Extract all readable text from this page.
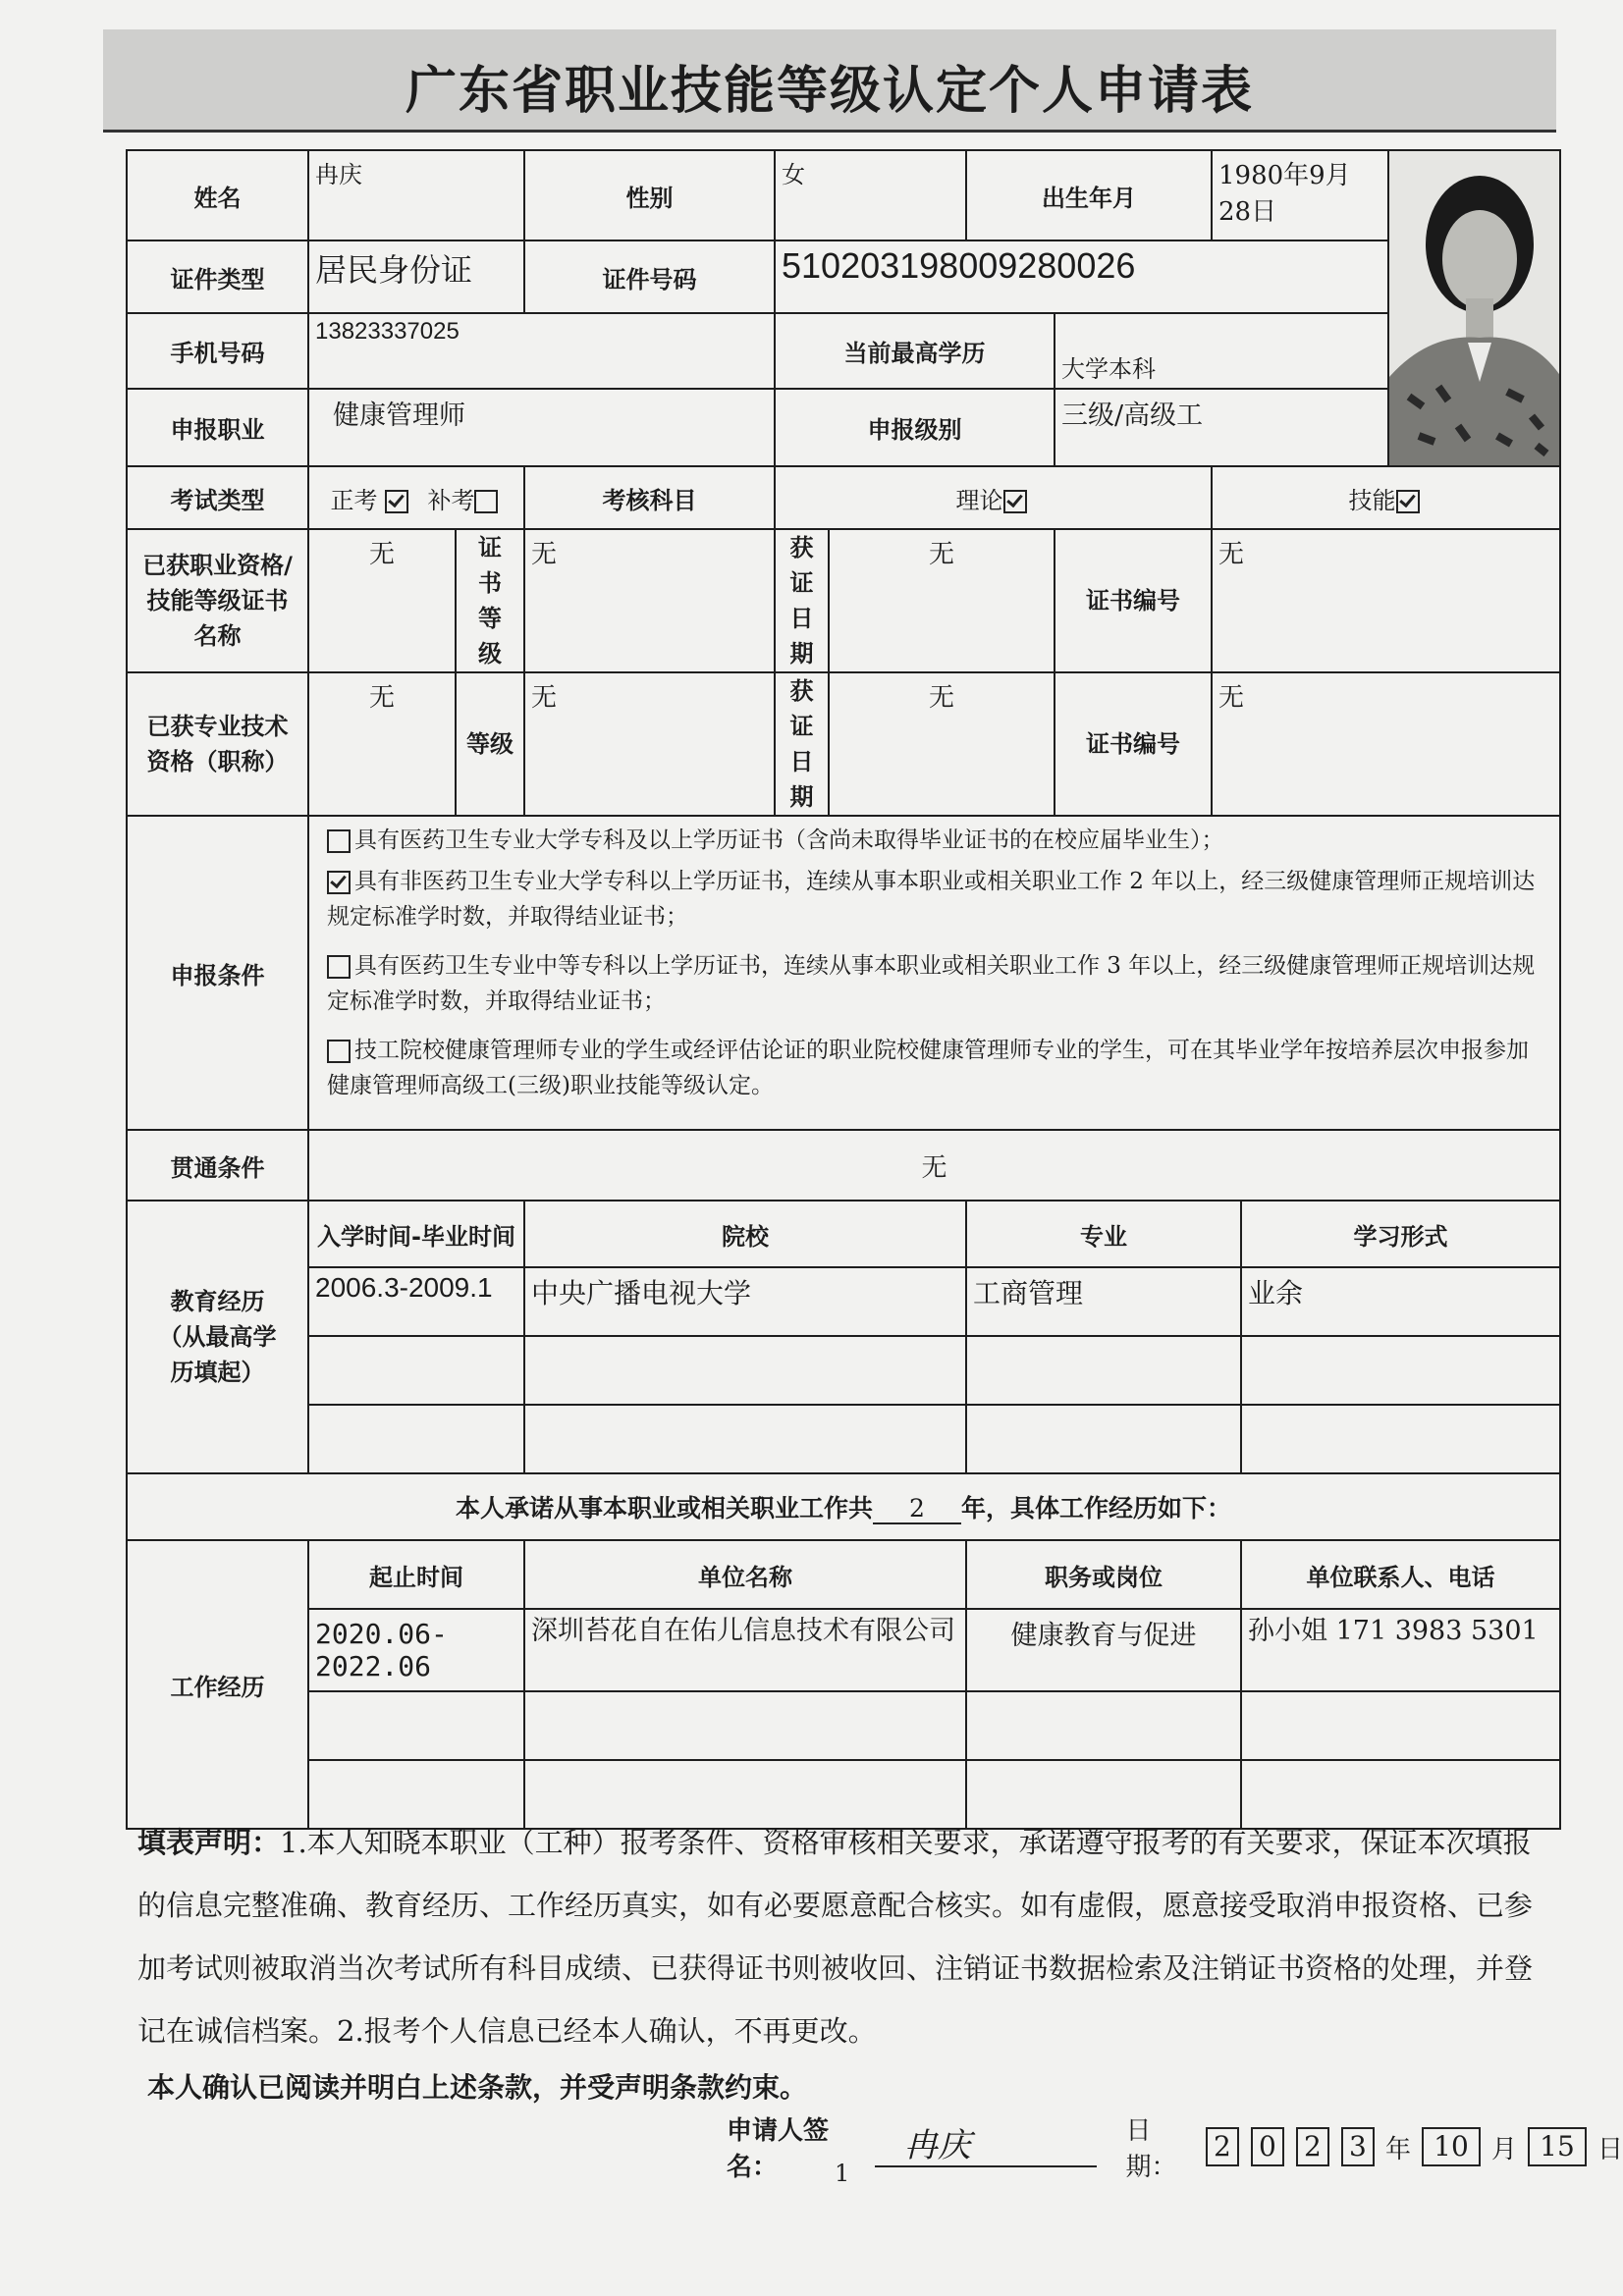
广东省职业技能等级认定个人申请表
姓名	冉庆		性别	女		出生年月		1980年9月28日	

证件类型	居民身份证		证件号码	510203198009280026						
手机号码	13823337025			当前最高学历			大学本科			
申报职业	健康管理师			申报级别			三级/高级工			
考试类型	正考 补考		考核科目	理论				技能		
已获职业资格/技能等级证书名称	无	证书等级	无	获证日期	无		证书编号	无		
已获专业技术资格（职称）	无	等级	无	获证日期	无		证书编号	无		
申报条件	具有医药卫生专业大学专科及以上学历证书（含尚未取得毕业证书的在校应届毕业生）；

具有非医药卫生专业大学专科以上学历证书，连续从事本职业或相关职业工作 2 年以上，经三级健康管理师正规培训达规定标准学时数，并取得结业证书；

具有医药卫生专业中等专科以上学历证书，连续从事本职业或相关职业工作 3 年以上，经三级健康管理师正规培训达规定标准学时数，并取得结业证书；

技工院校健康管理师专业的学生或经评估论证的职业院校健康管理师专业的学生，可在其毕业学年按培养层次申报参加健康管理师高级工(三级)职业技能等级认定。									

贯通条件	无									
教育经历（从最高学历填起）	入学时间-毕业时间		院校			专业			学习形式	
	2006.3-2009.1		中央广播电视大学			工商管理			业余	

本人承诺从事本职业或相关职业工作共 2 年，具体工作经历如下：										
工作经历	起止时间		单位名称			职务或岗位			单位联系人、电话	
	2020.06-2022.06		深圳苔花自在佑儿信息技术有限公司			健康教育与促进			孙小姐 171 3983 5301	

填表声明：1.本人知晓本职业（工种）报考条件、资格审核相关要求，承诺遵守报考的有关要求，保证本次填报的信息完整准确、教育经历、工作经历真实，如有必要愿意配合核实。如有虚假，愿意接受取消申报资格、已参加考试则被取消当次考试所有科目成绩、已获得证书则被收回、注销证书数据检索及注销证书资格的处理，并登记在诚信档案。2.报考个人信息已经本人确认，不再更改。
本人确认已阅读并明白上述条款，并受声明条款约束。
申请人签名：
冉庆	日期：
2 0 2 3 年 10 月 15 日
1
